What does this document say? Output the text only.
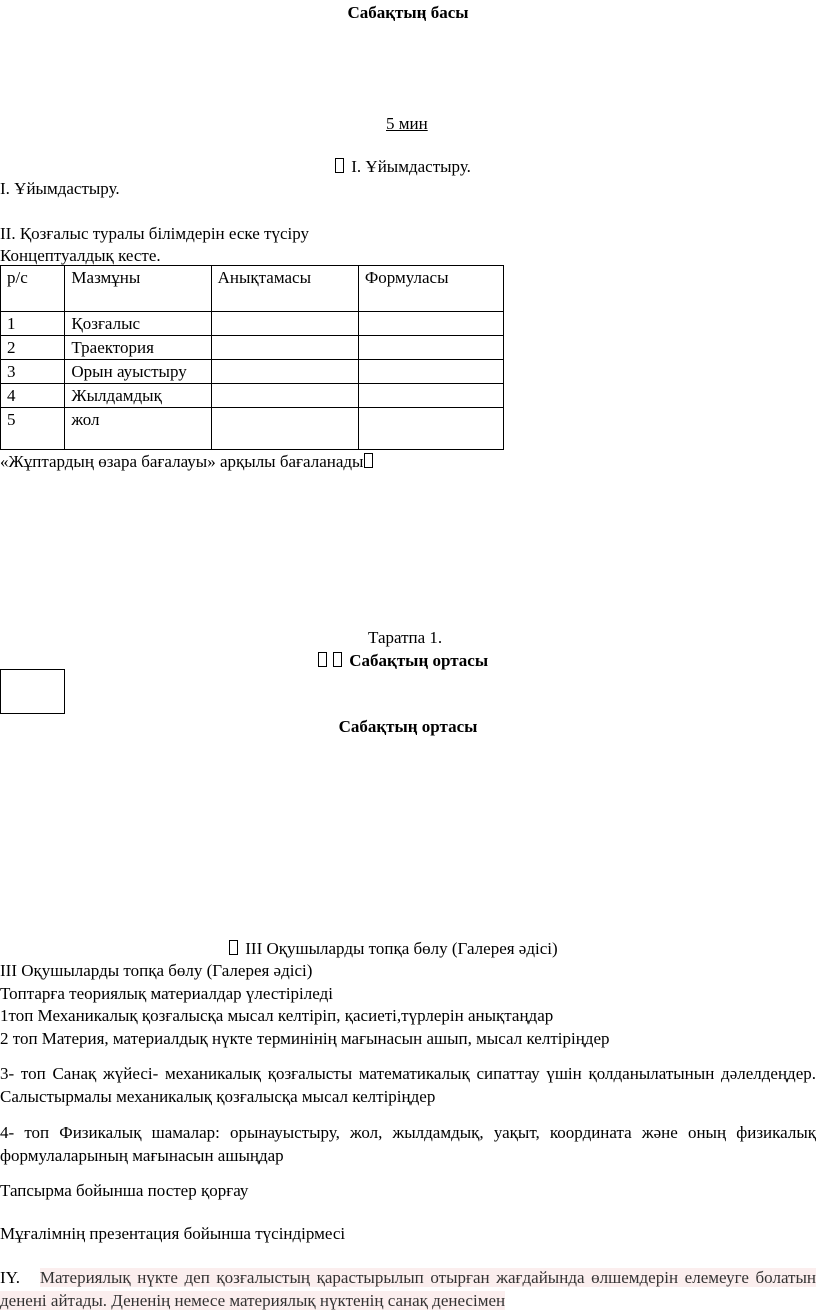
Сабақтың басы
5 мин
І. Ұйымдастыру.
І. Ұйымдастыру.
ІІ. Қозғалыс туралы білімдерін еске түсіру
Концептуалдық кесте.
р/с	Мазмұны	Анықтамасы	Формуласы
1	Қозғалыс		
2	Траектория		
3	Орын ауыстыру		
4	Жылдамдық		
5	жол		
«Жұптардың өзара бағалауы» арқылы бағаланады
Таратпа 1.
Сабақтың ортасы
Сабақтың ортасы
ІІІ Оқушыларды топқа бөлу (Галерея әдісі)
ІІІ Оқушыларды топқа бөлу (Галерея әдісі)
Топтарға теориялық материалдар үлестіріледі
1топ Механикалық қозғалысқа мысал келтіріп, қасиеті,түрлерін анықтаңдар
2 топ Материя, материалдық нүкте терминінің мағынасын ашып, мысал келтіріңдер
3- топ Санақ жүйесі- механикалық қозғалысты математикалық сипаттау үшін қолданылатынын дәлелдеңдер. Салыстырмалы механикалық қозғалысқа мысал келтіріңдер
4- топ Физикалық шамалар: орынауыстыру, жол, жылдамдық, уақыт, координата және оның физикалық формулаларының мағынасын ашыңдар
Тапсырма бойынша постер қорғау
Мұғалімнің презентация бойынша түсіндірмесі
IY. Материялық нүкте деп қозғалыстың қарастырылып отырған жағдайында өлшемдерін елемеуге болатын денені айтады. Дененің немесе материялық нүктенің санақ денесімен
